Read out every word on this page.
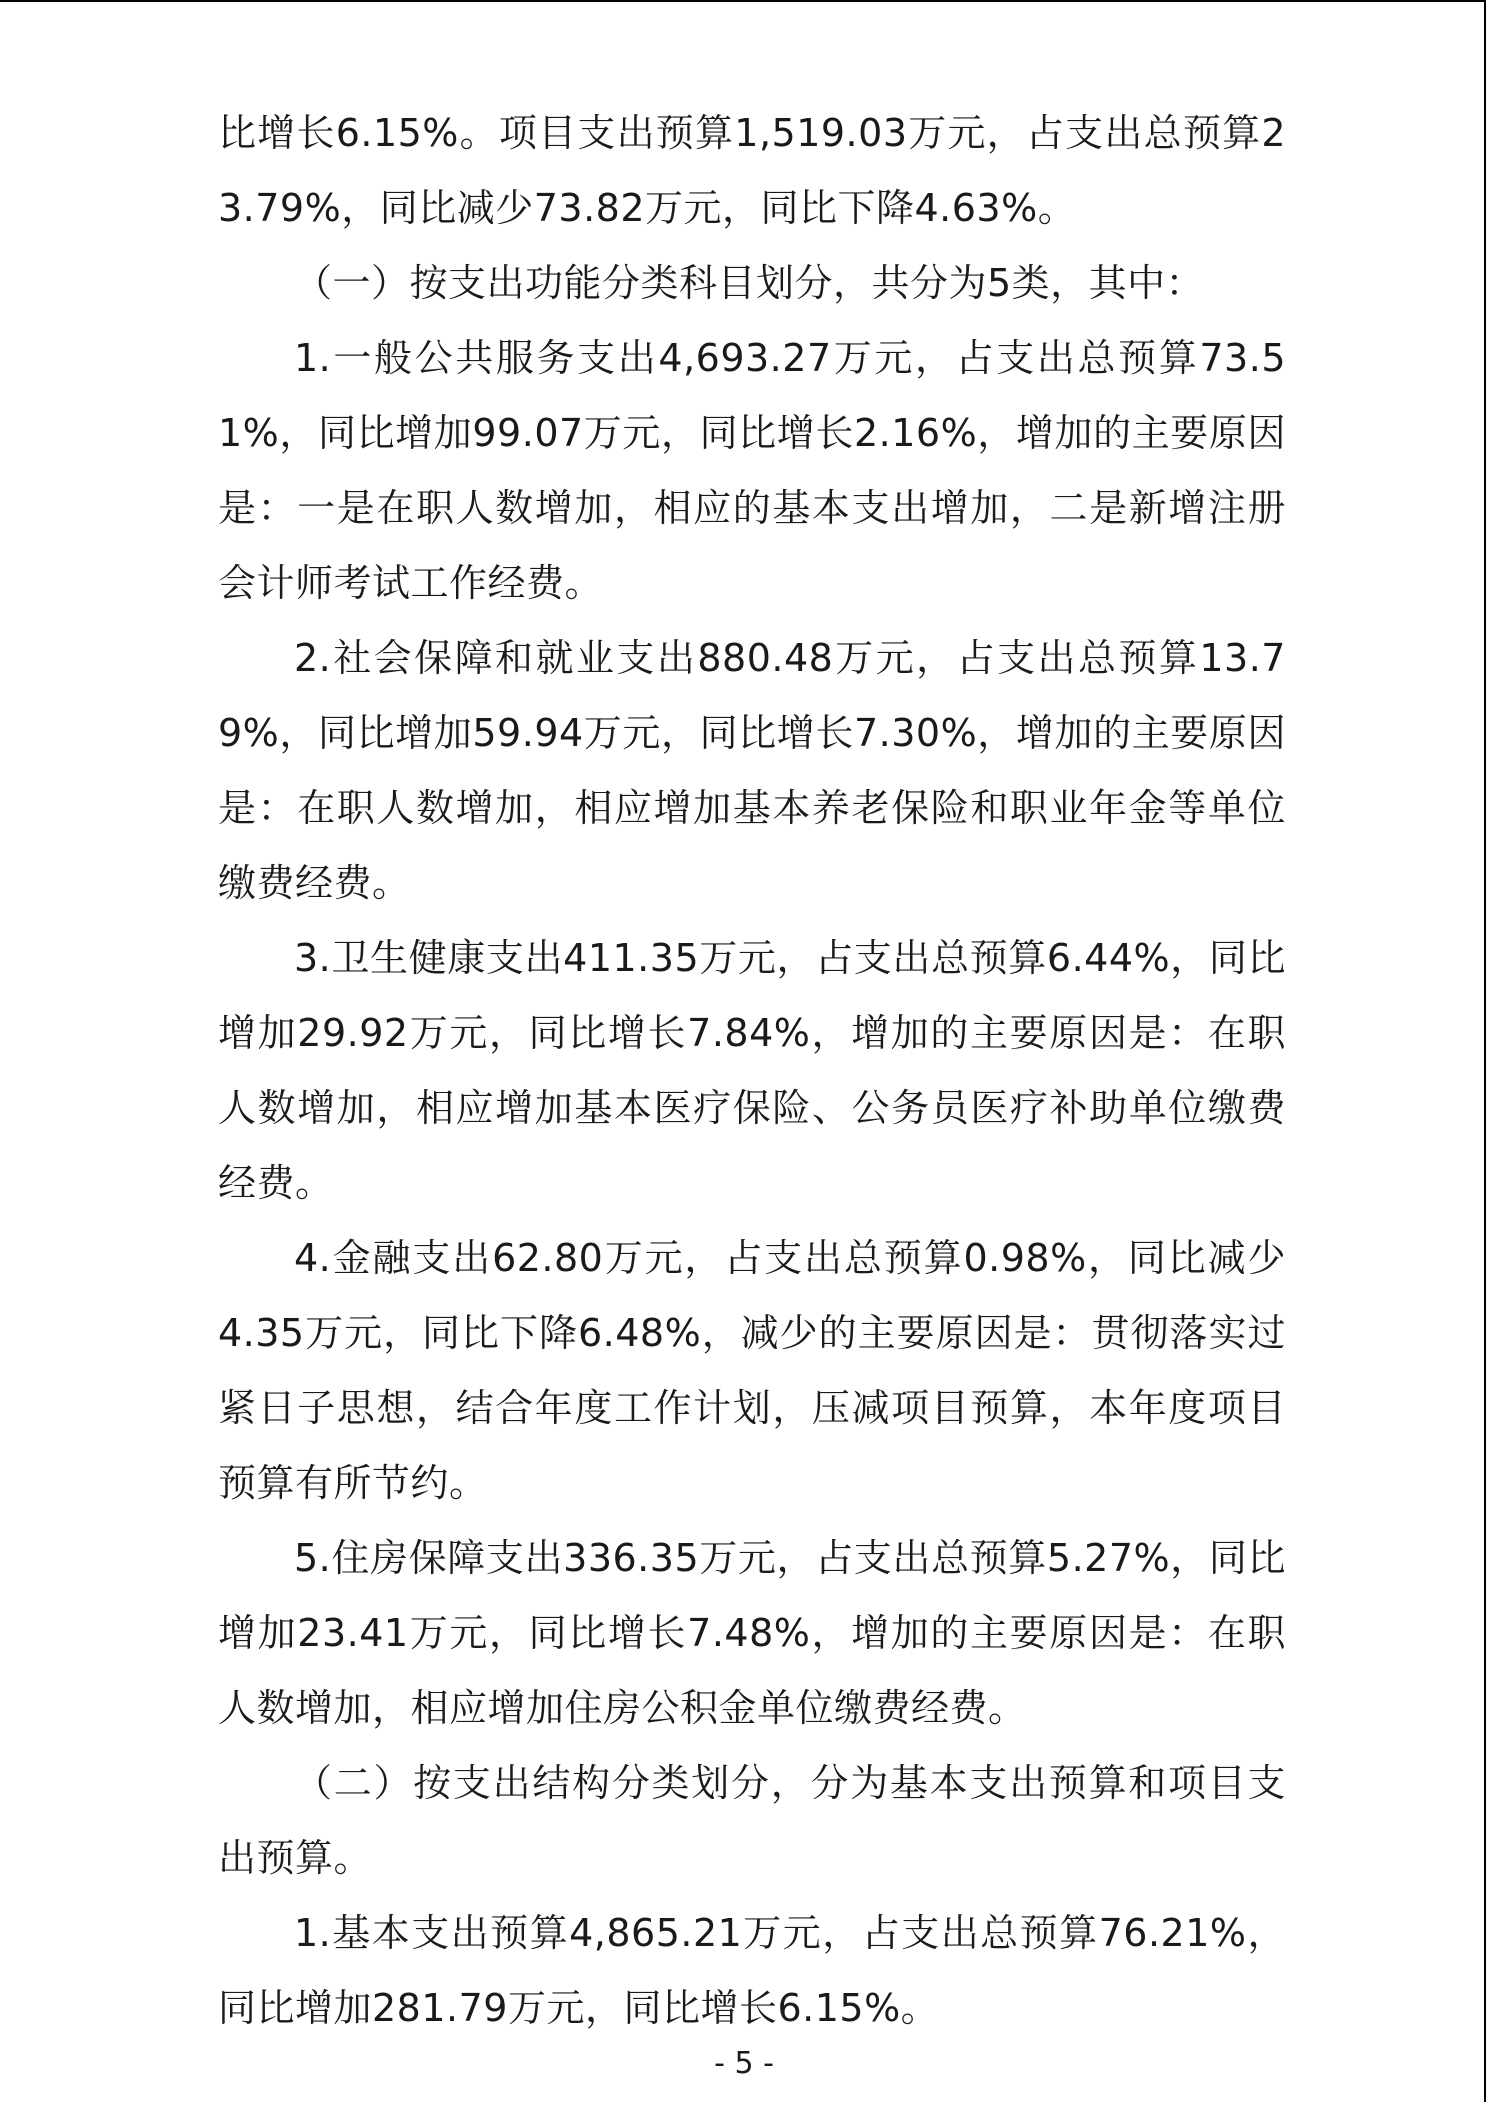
比增长6.15%。项目支出预算1,519.03万元，占支出总预算23.79%，同比减少73.82万元，同比下降4.63%。

（一）按支出功能分类科目划分，共分为5类，其中：

1.一般公共服务支出4,693.27万元，占支出总预算73.51%，同比增加99.07万元，同比增长2.16%，增加的主要原因是：一是在职人数增加，相应的基本支出增加，二是新增注册会计师考试工作经费。

2.社会保障和就业支出880.48万元，占支出总预算13.79%，同比增加59.94万元，同比增长7.30%，增加的主要原因是：在职人数增加，相应增加基本养老保险和职业年金等单位缴费经费。

3.卫生健康支出411.35万元，占支出总预算6.44%，同比增加29.92万元，同比增长7.84%，增加的主要原因是：在职人数增加，相应增加基本医疗保险、公务员医疗补助单位缴费经费。

4.金融支出62.80万元，占支出总预算0.98%，同比减少4.35万元，同比下降6.48%，减少的主要原因是：贯彻落实过紧日子思想，结合年度工作计划，压减项目预算，本年度项目预算有所节约。

5.住房保障支出336.35万元，占支出总预算5.27%，同比增加23.41万元，同比增长7.48%，增加的主要原因是：在职人数增加，相应增加住房公积金单位缴费经费。

（二）按支出结构分类划分，分为基本支出预算和项目支出预算。

1.基本支出预算4,865.21万元，占支出总预算76.21%，同比增加281.79万元，同比增长6.15%。

- 5 -
